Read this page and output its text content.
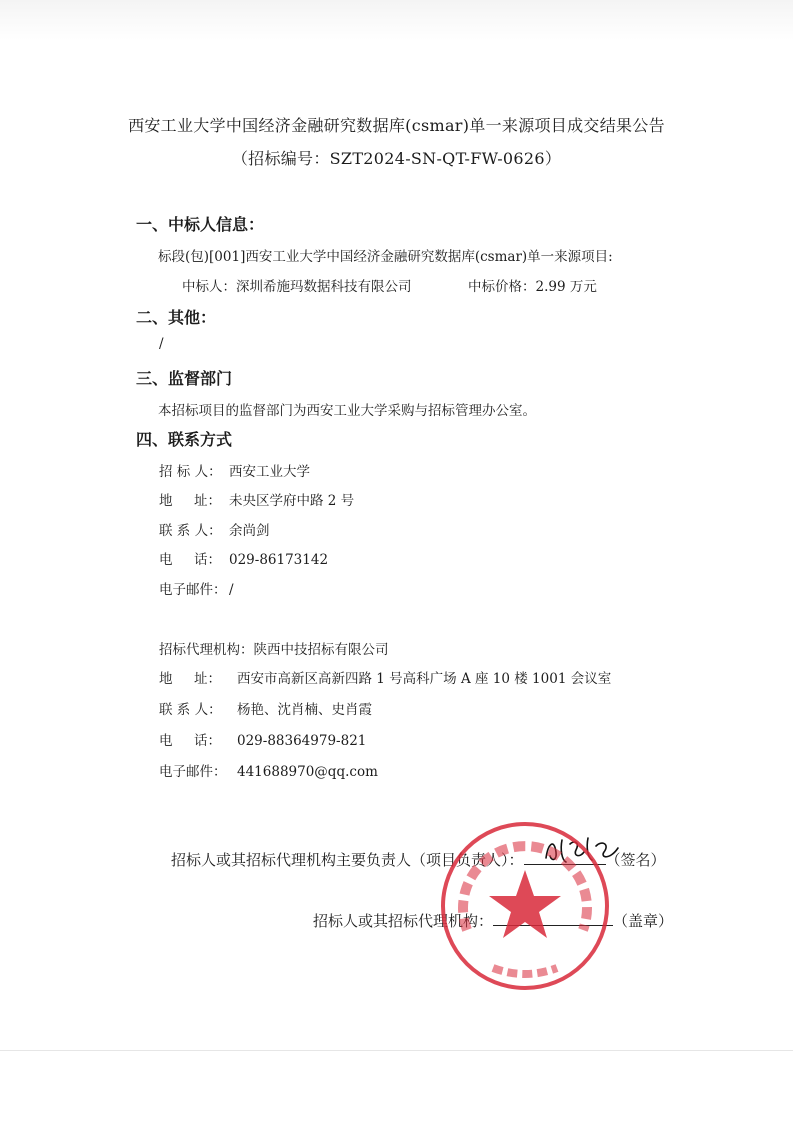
西安工业大学中国经济金融研究数据库(csmar)单一来源项目成交结果公告
（招标编号：SZT2024-SN-QT-FW-0626）
一、中标人信息：
标段(包)[001]西安工业大学中国经济金融研究数据库(csmar)单一来源项目:
中标人：深圳希施玛数据科技有限公司	中标价格：2.99 万元
二、其他：
/
三、监督部门
本招标项目的监督部门为西安工业大学采购与招标管理办公室。
四、联系方式
招 标 人： 西安工业大学
地     址： 未央区学府中路 2 号
联 系 人： 余尚剑
电     话： 029-86173142
电子邮件： /
招标代理机构：陕西中技招标有限公司
地     址： 西安市高新区高新四路 1 号高科广场 A 座 10 楼 1001 会议室
联 系 人： 杨艳、沈肖楠、史肖霞
电     话： 029-88364979-821
电子邮件： 441688970@qq.com
招标人或其招标代理机构主要负责人（项目负责人）：	（签名）
招标人或其招标代理机构：	（盖章）
